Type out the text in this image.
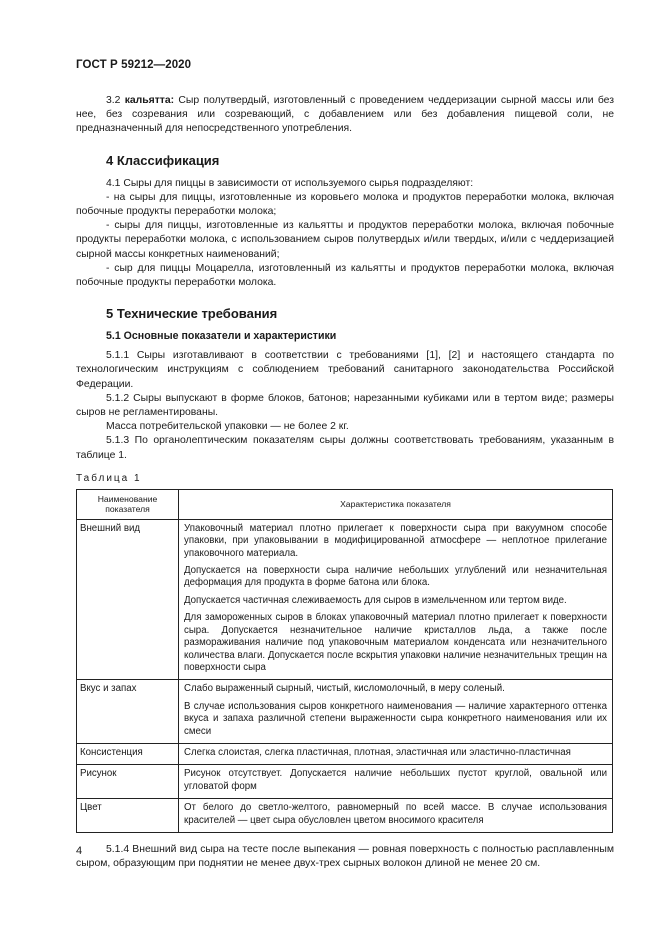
ГОСТ Р 59212—2020

3.2 кальятта: Сыр полутвердый, изготовленный с проведением чеддеризации сырной массы или без нее, без созревания или созревающий, с добавлением или без добавления пищевой соли, не предназначенный для непосредственного употребления.

4 Классификация

4.1 Сыры для пиццы в зависимости от используемого сырья подразделяют:

- на сыры для пиццы, изготовленные из коровьего молока и продуктов переработки молока, включая побочные продукты переработки молока;

- сыры для пиццы, изготовленные из кальятты и продуктов переработки молока, включая побочные продукты переработки молока, с использованием сыров полутвердых и/или твердых, и/или с чеддеризацией сырной массы конкретных наименований;

- сыр для пиццы Моцарелла, изготовленный из кальятты и продуктов переработки молока, включая побочные продукты переработки молока.

5 Технические требования
5.1 Основные показатели и характеристики

5.1.1 Сыры изготавливают в соответствии с требованиями [1], [2] и настоящего стандарта по технологическим инструкциям с соблюдением требований санитарного законодательства Российской Федерации.

5.1.2 Сыры выпускают в форме блоков, батонов; нарезанными кубиками или в тертом виде; размеры сыров не регламентированы.

Масса потребительской упаковки — не более 2 кг.

5.1.3 По органолептическим показателям сыры должны соответствовать требованиям, указанным в таблице 1.

Таблица 1
Наименование показателя	Характеристика показателя
Внешний вид	Упаковочный материал плотно прилегает к поверхности сыра при вакуумном способе упаковки, при упаковывании в модифицированной атмосфере — неплотное прилегание упаковочного материала.
Допускается на поверхности сыра наличие небольших углублений или незначительная деформация для продукта в форме батона или блока.
Допускается частичная слеживаемость для сыров в измельченном или тертом виде.
Для замороженных сыров в блоках упаковочный материал плотно прилегает к поверхности сыра. Допускается незначительное наличие кристаллов льда, а также после размораживания наличие под упаковочным материалом конденсата или незначительного количества влаги. Допускается после вскрытия упаковки наличие незначительных трещин на поверхности сыра

Вкус и запах	Слабо выраженный сырный, чистый, кисломолочный, в меру соленый.
В случае использования сыров конкретного наименования — наличие характерного оттенка вкуса и запаха различной степени выраженности сыра конкретного наименования или их смеси

Консистенция	Слегка слоистая, слегка пластичная, плотная, эластичная или эластично-пластичная

Рисунок	Рисунок отсутствует. Допускается наличие небольших пустот круглой, овальной или угловатой форм

Цвет	От белого до светло-желтого, равномерный по всей массе. В случае использования красителей — цвет сыра обусловлен цветом вносимого красителя

5.1.4 Внешний вид сыра на тесте после выпекания — ровная поверхность с полностью расплавленным сыром, образующим при поднятии не менее двух-трех сырных волокон длиной не менее 20 см.

4
